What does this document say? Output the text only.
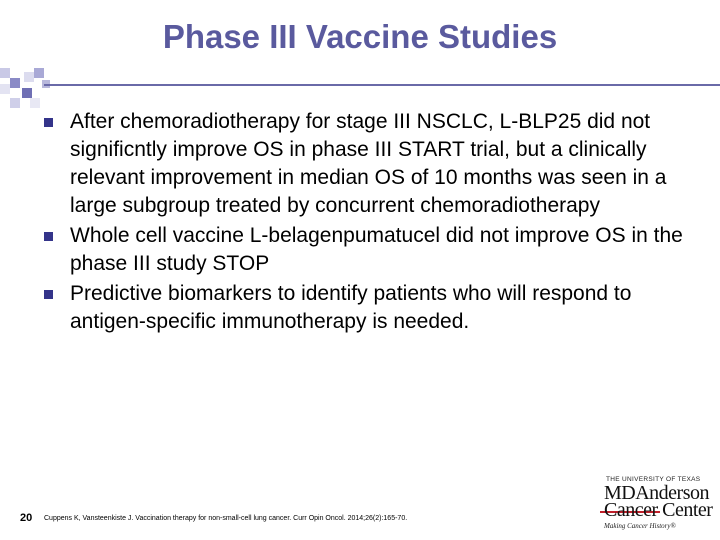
Phase III Vaccine Studies
After chemoradiotherapy for stage III NSCLC, L-BLP25 did not significntly improve OS in phase III START trial, but a clinically relevant improvement in median OS of 10 months was seen in a large subgroup treated by concurrent chemoradiotherapy
Whole cell vaccine L-belagenpumatucel did not improve OS in the phase III study STOP
Predictive biomarkers to identify patients who will respond to antigen-specific immunotherapy is needed.
20 Cuppens K, Vansteenkiste J. Vaccination therapy for non-small-cell lung cancer. Curr Opin Oncol. 2014;26(2):165-70.
THE UNIVERSITY OF TEXAS
MDAnderson
Cancer Center
Making Cancer History®
